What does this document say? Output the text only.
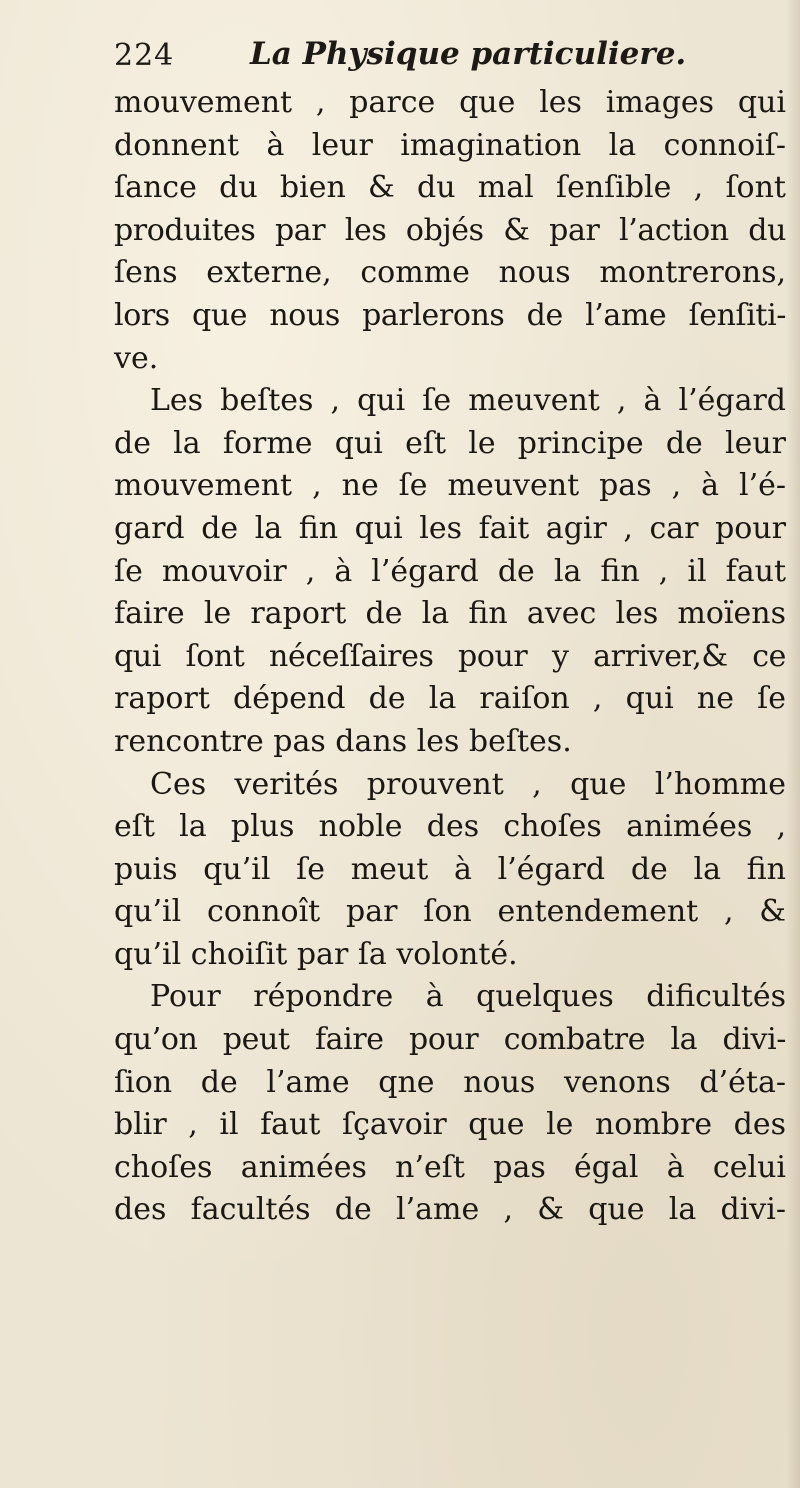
224 La Physique particuliere.
mouvement , parce que les images qui
donnent à leur imagination la connoiſ-
ſance du bien & du mal ſenſible , ſont
produites par les objés & par l’action du
ſens externe, comme nous montrerons,
lors que nous parlerons de l’ame ſenſiti-
ve.
Les beſtes , qui ſe meuvent , à l’égard
de la forme qui eſt le principe de leur
mouvement , ne ſe meuvent pas , à l’é-
gard de la fin qui les fait agir , car pour
ſe mouvoir , à l’égard de la fin , il faut
faire le raport de la fin avec les moïens
qui ſont néceſſaires pour y arriver,& ce
raport dépend de la raiſon , qui ne ſe
rencontre pas dans les beſtes.
Ces verités prouvent , que l’homme
eſt la plus noble des choſes animées ,
puis qu’il ſe meut à l’égard de la fin
qu’il connoît par ſon entendement , &
qu’il choiſit par ſa volonté.
Pour répondre à quelques dificultés
qu’on peut faire pour combatre la divi-
ſion de l’ame qne nous venons d’éta-
blir , il faut ſçavoir que le nombre des
choſes animées n’eſt pas égal à celui
des facultés de l’ame , & que la divi-
